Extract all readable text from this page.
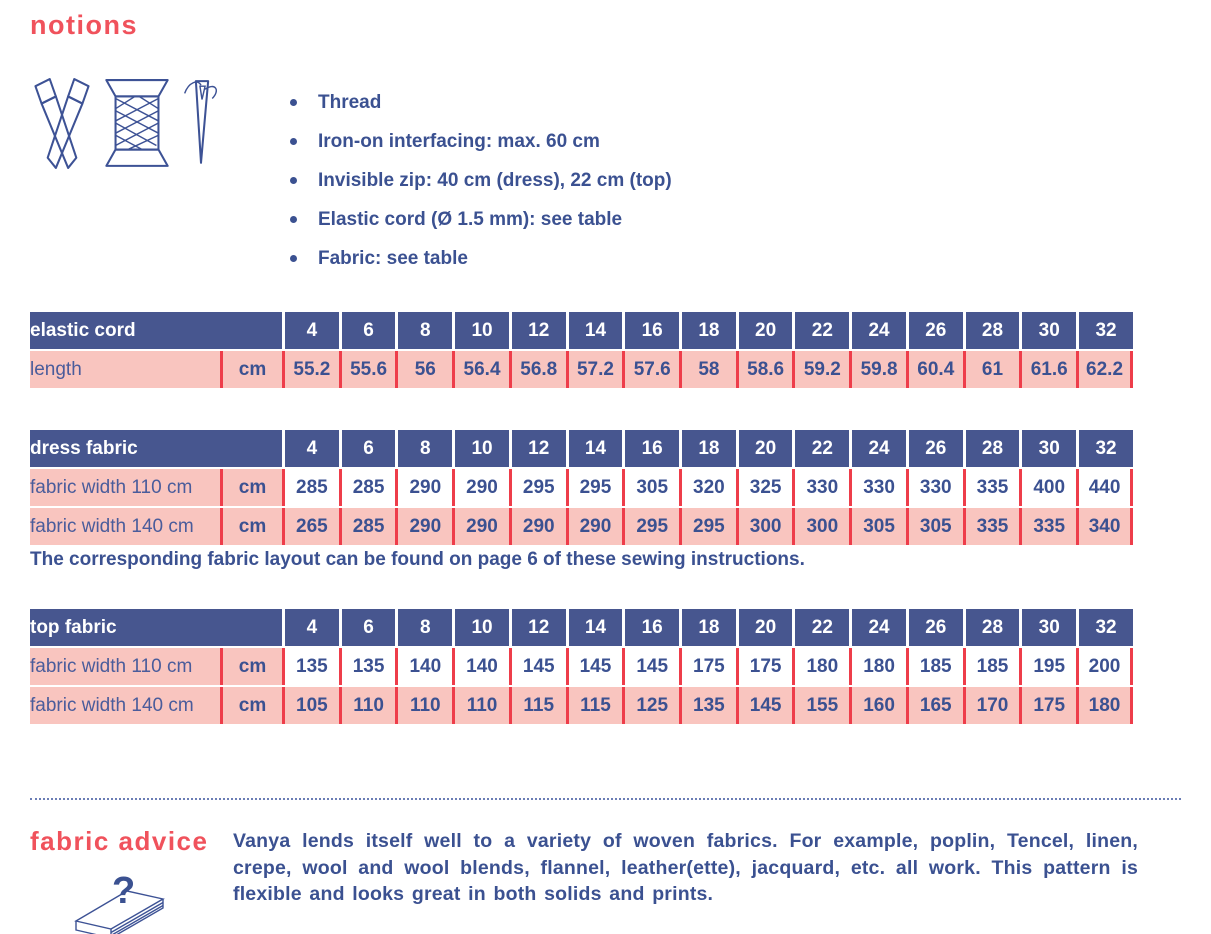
notions
Thread
Iron-on interfacing: max. 60 cm
Invisible zip: 40 cm (dress), 22 cm (top)
Elastic cord (Ø 1.5 mm): see table
Fabric: see table
elastic cord		4	6	8	10	12	14	16	18	20	22	24	26	28	30	32
length	cm	55.2	55.6	56	56.4	56.8	57.2	57.6	58	58.6	59.2	59.8	60.4	61	61.6	62.2
dress fabric		4	6	8	10	12	14	16	18	20	22	24	26	28	30	32
fabric width 110 cm	cm	285	285	290	290	295	295	305	320	325	330	330	330	335	400	440
fabric width 140 cm	cm	265	285	290	290	290	290	295	295	300	300	305	305	335	335	340

The corresponding fabric layout can be found on page 6 of these sewing instructions.

top fabric		4	6	8	10	12	14	16	18	20	22	24	26	28	30	32
fabric width 110 cm	cm	135	135	140	140	145	145	145	175	175	180	180	185	185	195	200
fabric width 140 cm	cm	105	110	110	110	115	115	125	135	145	155	160	165	170	175	180
fabric advice
?

Vanya lends itself well to a variety of woven fabrics. For example, poplin, Tencel, linen, crepe, wool and wool blends, flannel, leather(ette), jacquard, etc. all work. This pattern is flexible and looks great in both solids and prints.
